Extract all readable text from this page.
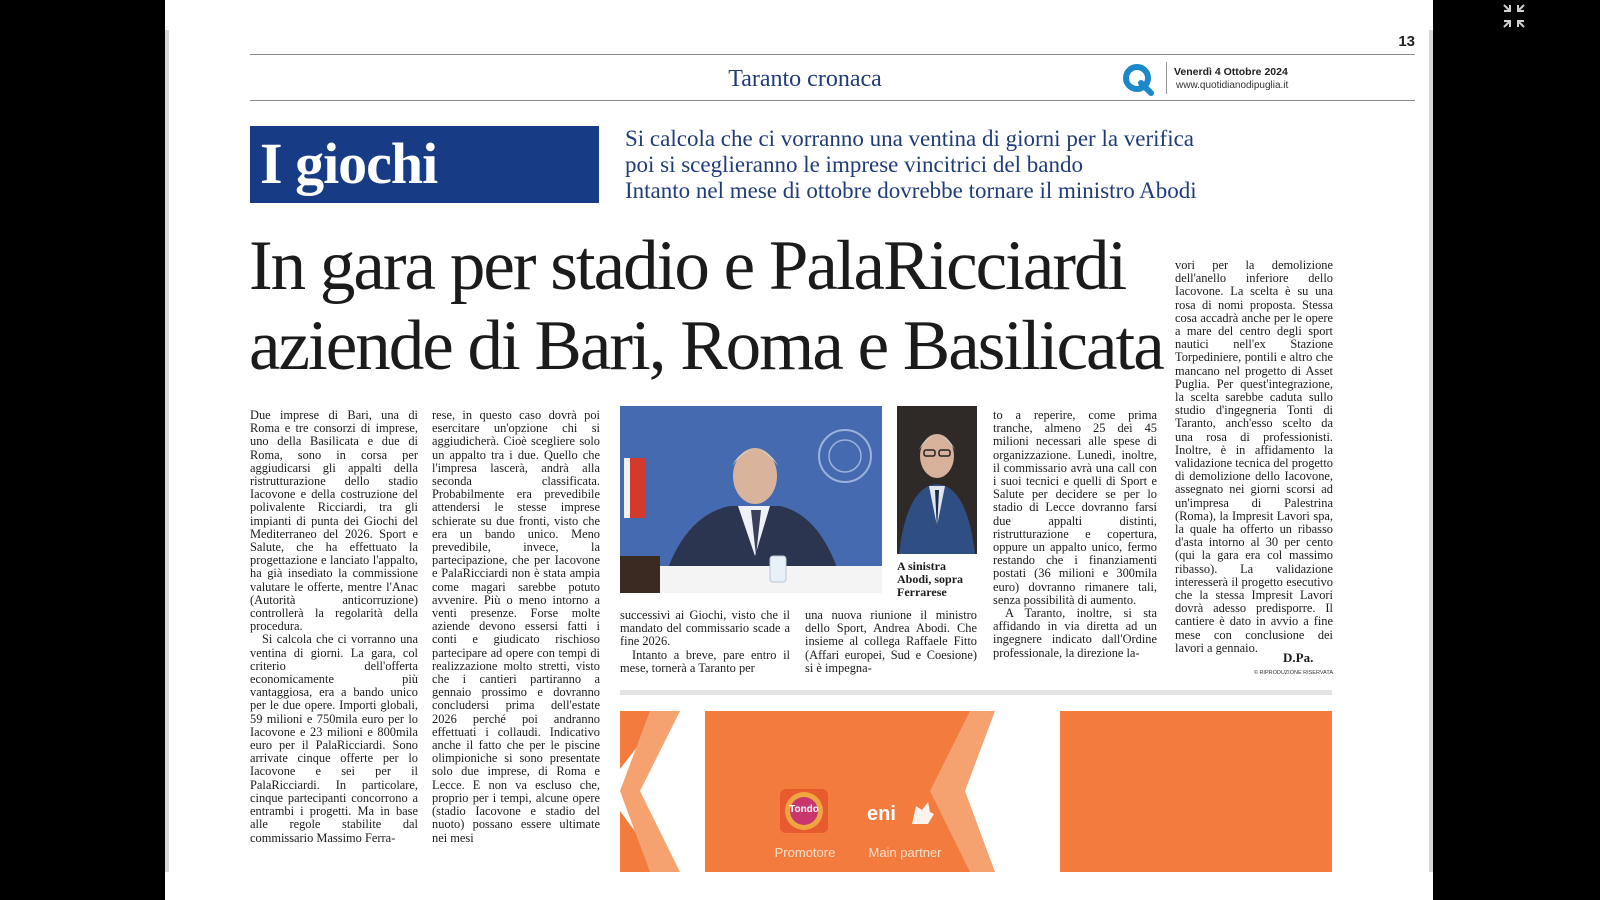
13
Taranto cronaca	Venerdì 4 Ottobre 2024
www.quotidianodipuglia.it
I giochi	Si calcola che ci vorranno una ventina di giorni per la verifica
poi si sceglieranno le imprese vincitrici del bando
Intanto nel mese di ottobre dovrebbe tornare il ministro Abodi
In gara per stadio e PalaRicciardi
aziende di Bari, Roma e Basilicata

Due imprese di Bari, una di Roma e tre consorzi di imprese, uno della Basilicata e due di Roma, sono in corsa per aggiudicarsi gli appalti della ristrutturazione dello stadio Iacovone e della costruzione del polivalente Ricciardi, tra gli impianti di punta dei Giochi del Mediterraneo del 2026. Sport e Salute, che ha effettuato la progettazione e lanciato l'appalto, ha già insediato la commissione valutare le offerte, mentre l'Anac (Autorità anticorruzione) controllerà la regolarità della procedura.

Si calcola che ci vorranno una ventina di giorni. La gara, col criterio dell'offerta economicamente più vantaggiosa, era a bando unico per le due opere. Importi globali, 59 milioni e 750mila euro per lo Iacovone e 23 milioni e 800mila euro per il PalaRicciardi. Sono arrivate cinque offerte per lo Iacovone e sei per il PalaRicciardi. In particolare, cinque partecipanti concorrono a entrambi i progetti. Ma in base alle regole stabilite dal commissario Massimo Ferra-

rese, in questo caso dovrà poi esercitare un'opzione chi si aggiudicherà. Cioè scegliere solo un appalto tra i due. Quello che l'impresa lascerà, andrà alla seconda classificata. Probabilmente era prevedibile attendersi le stesse imprese schierate su due fronti, visto che era un bando unico. Meno prevedibile, invece, la partecipazione, che per Iacovone e PalaRicciardi non è stata ampia come magari sarebbe potuto avvenire. Più o meno intorno a venti presenze. Forse molte aziende devono essersi fatti i conti e giudicato rischioso partecipare ad opere con tempi di realizzazione molto stretti, visto che i cantieri partiranno a gennaio prossimo e dovranno concludersi prima dell'estate 2026 perché poi andranno effettuati i collaudi. Indicativo anche il fatto che per le piscine olimpioniche si sono presentate solo due imprese, di Roma e Lecce. E non va escluso che, proprio per i tempi, alcune opere (stadio Iacovone e stadio del nuoto) possano essere ultimate nei mesi

A sinistra Abodi, sopra Ferrarese

successivi ai Giochi, visto che il mandato del commissario scade a fine 2026.

Intanto a breve, pare entro il mese, tornerà a Taranto per

una nuova riunione il ministro dello Sport, Andrea Abodi. Che insieme al collega Raffaele Fitto (Affari europei, Sud e Coesione) si è impegna-

to a reperire, come prima tranche, almeno 25 dei 45 milioni necessari alle spese di organizzazione. Lunedì, inoltre, il commissario avrà una call con i suoi tecnici e quelli di Sport e Salute per decidere se per lo stadio di Lecce dovranno farsi due appalti distinti, ristrutturazione e copertura, oppure un appalto unico, fermo restando che i finanziamenti postati (36 milioni e 300mila euro) dovranno rimanere tali, senza possibilità di aumento.

A Taranto, inoltre, si sta affidando in via diretta ad un ingegnere indicato dall'Ordine professionale, la direzione la-

vori per la demolizione dell'anello inferiore dello Iacovone. La scelta è su una rosa di nomi proposta. Stessa cosa accadrà anche per le opere a mare del centro degli sport nautici nell'ex Stazione Torpediniere, pontili e altro che mancano nel progetto di Asset Puglia. Per quest'integrazione, la scelta sarebbe caduta sullo studio d'ingegneria Tonti di Taranto, anch'esso scelto da una rosa di professionisti. Inoltre, è in affidamento la validazione tecnica del progetto di demolizione dello Iacovone, assegnato nei giorni scorsi ad un'impresa di Palestrina (Roma), la Impresit Lavori spa, la quale ha offerto un ribasso d'asta intorno al 30 per cento (qui la gara era col massimo ribasso). La validazione interesserà il progetto esecutivo che la stessa Impresit Lavori dovrà adesso predisporre. Il cantiere è dato in avvio a fine mese con conclusione dei lavori a gennaio.

D.Pa.
© RIPRODUZIONE RISERVATA
Tondo	eni
Promotore	Main partner
